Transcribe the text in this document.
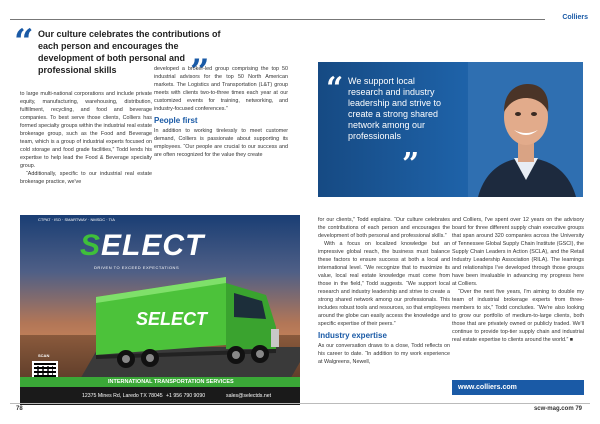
Colliers
“ Our culture celebrates the contributions of each person and encourages the development of both personal and professional skills	”

to large multi-national corporations and include private equity, manufacturing, warehousing, distribution, fulfillment, recycling, and food and beverage companies. To best serve those clients, Colliers has formed specialty groups within the industrial real estate brokerage group, such as the Food and Beverage team, which is a group of industrial experts focused on cold storage and food grade facilities,” Todd lends his expertise to help lead the Food & Beverage specialty group.

“Additionally, specific to our industrial real estate brokerage practice, we've

developed a broker-led group comprising the top 50 industrial advisors for the top 50 North American markets. The Logistics and Transportation (L&T) group meets with clients two-to-three times each year at our customized events for training, networking, and industry-focused conferences.”

People first

In addition to working tirelessly to meet customer demand, Colliers is passionate about supporting its employees. “Our people are crucial to our success and are often recognized for the value they create

“ We support local research and industry leadership and strive to create a strong shared network among our professionals
”
CTPAT · ISO · SMARTWAY · NMSDC · TIA
SELECT
DRIVEN TO EXCEED EXPECTATIONS
SELECT
SCAN
INTERNATIONAL TRANSPORTATION SERVICES
12375 Mines Rd, Laredo TX 78045 +1 956 790 9090	sales@selectds.net

for our clients,” Todd explains. “Our culture celebrates the contributions of each person and encourages the development of both personal and professional skills.”

With a focus on localized knowledge but an impressive global reach, the business must balance these factors to ensure success at both a local and international level. “We recognize that to maximize its value, local real estate knowledge must come from those in the field,” Todd suggests. “We support local research and industry leadership and strive to create a strong shared network among our professionals. This includes robust tools and resources, so that employees around the globe can easily access the knowledge and specific expertise of their peers.”

Industry expertise

As our conversation draws to a close, Todd reflects on his career to date. “In addition to my work experience at Walgreens, Newell,

and Colliers, I've spent over 12 years on the advisory board for three different supply chain executive groups that span around 320 companies across the University of Tennessee Global Supply Chain Institute (GSCI), the Supply Chain Leaders in Action (SCLA), and the Retail Industry Leadership Association (RILA). The learnings and relationships I've developed through those groups have been invaluable in advancing my progress here at Colliers.

“Over the next five years, I'm aiming to double my team of industrial brokerage experts from three-members to six,” Todd concludes. “We're also looking to grow our portfolio of medium-to-large clients, both those that are privately owned or publicly traded. We'll continue to provide top-tier supply chain and industrial real estate expertise to clients around the world.” ■

www.colliers.com
78	scw-mag.com 79
